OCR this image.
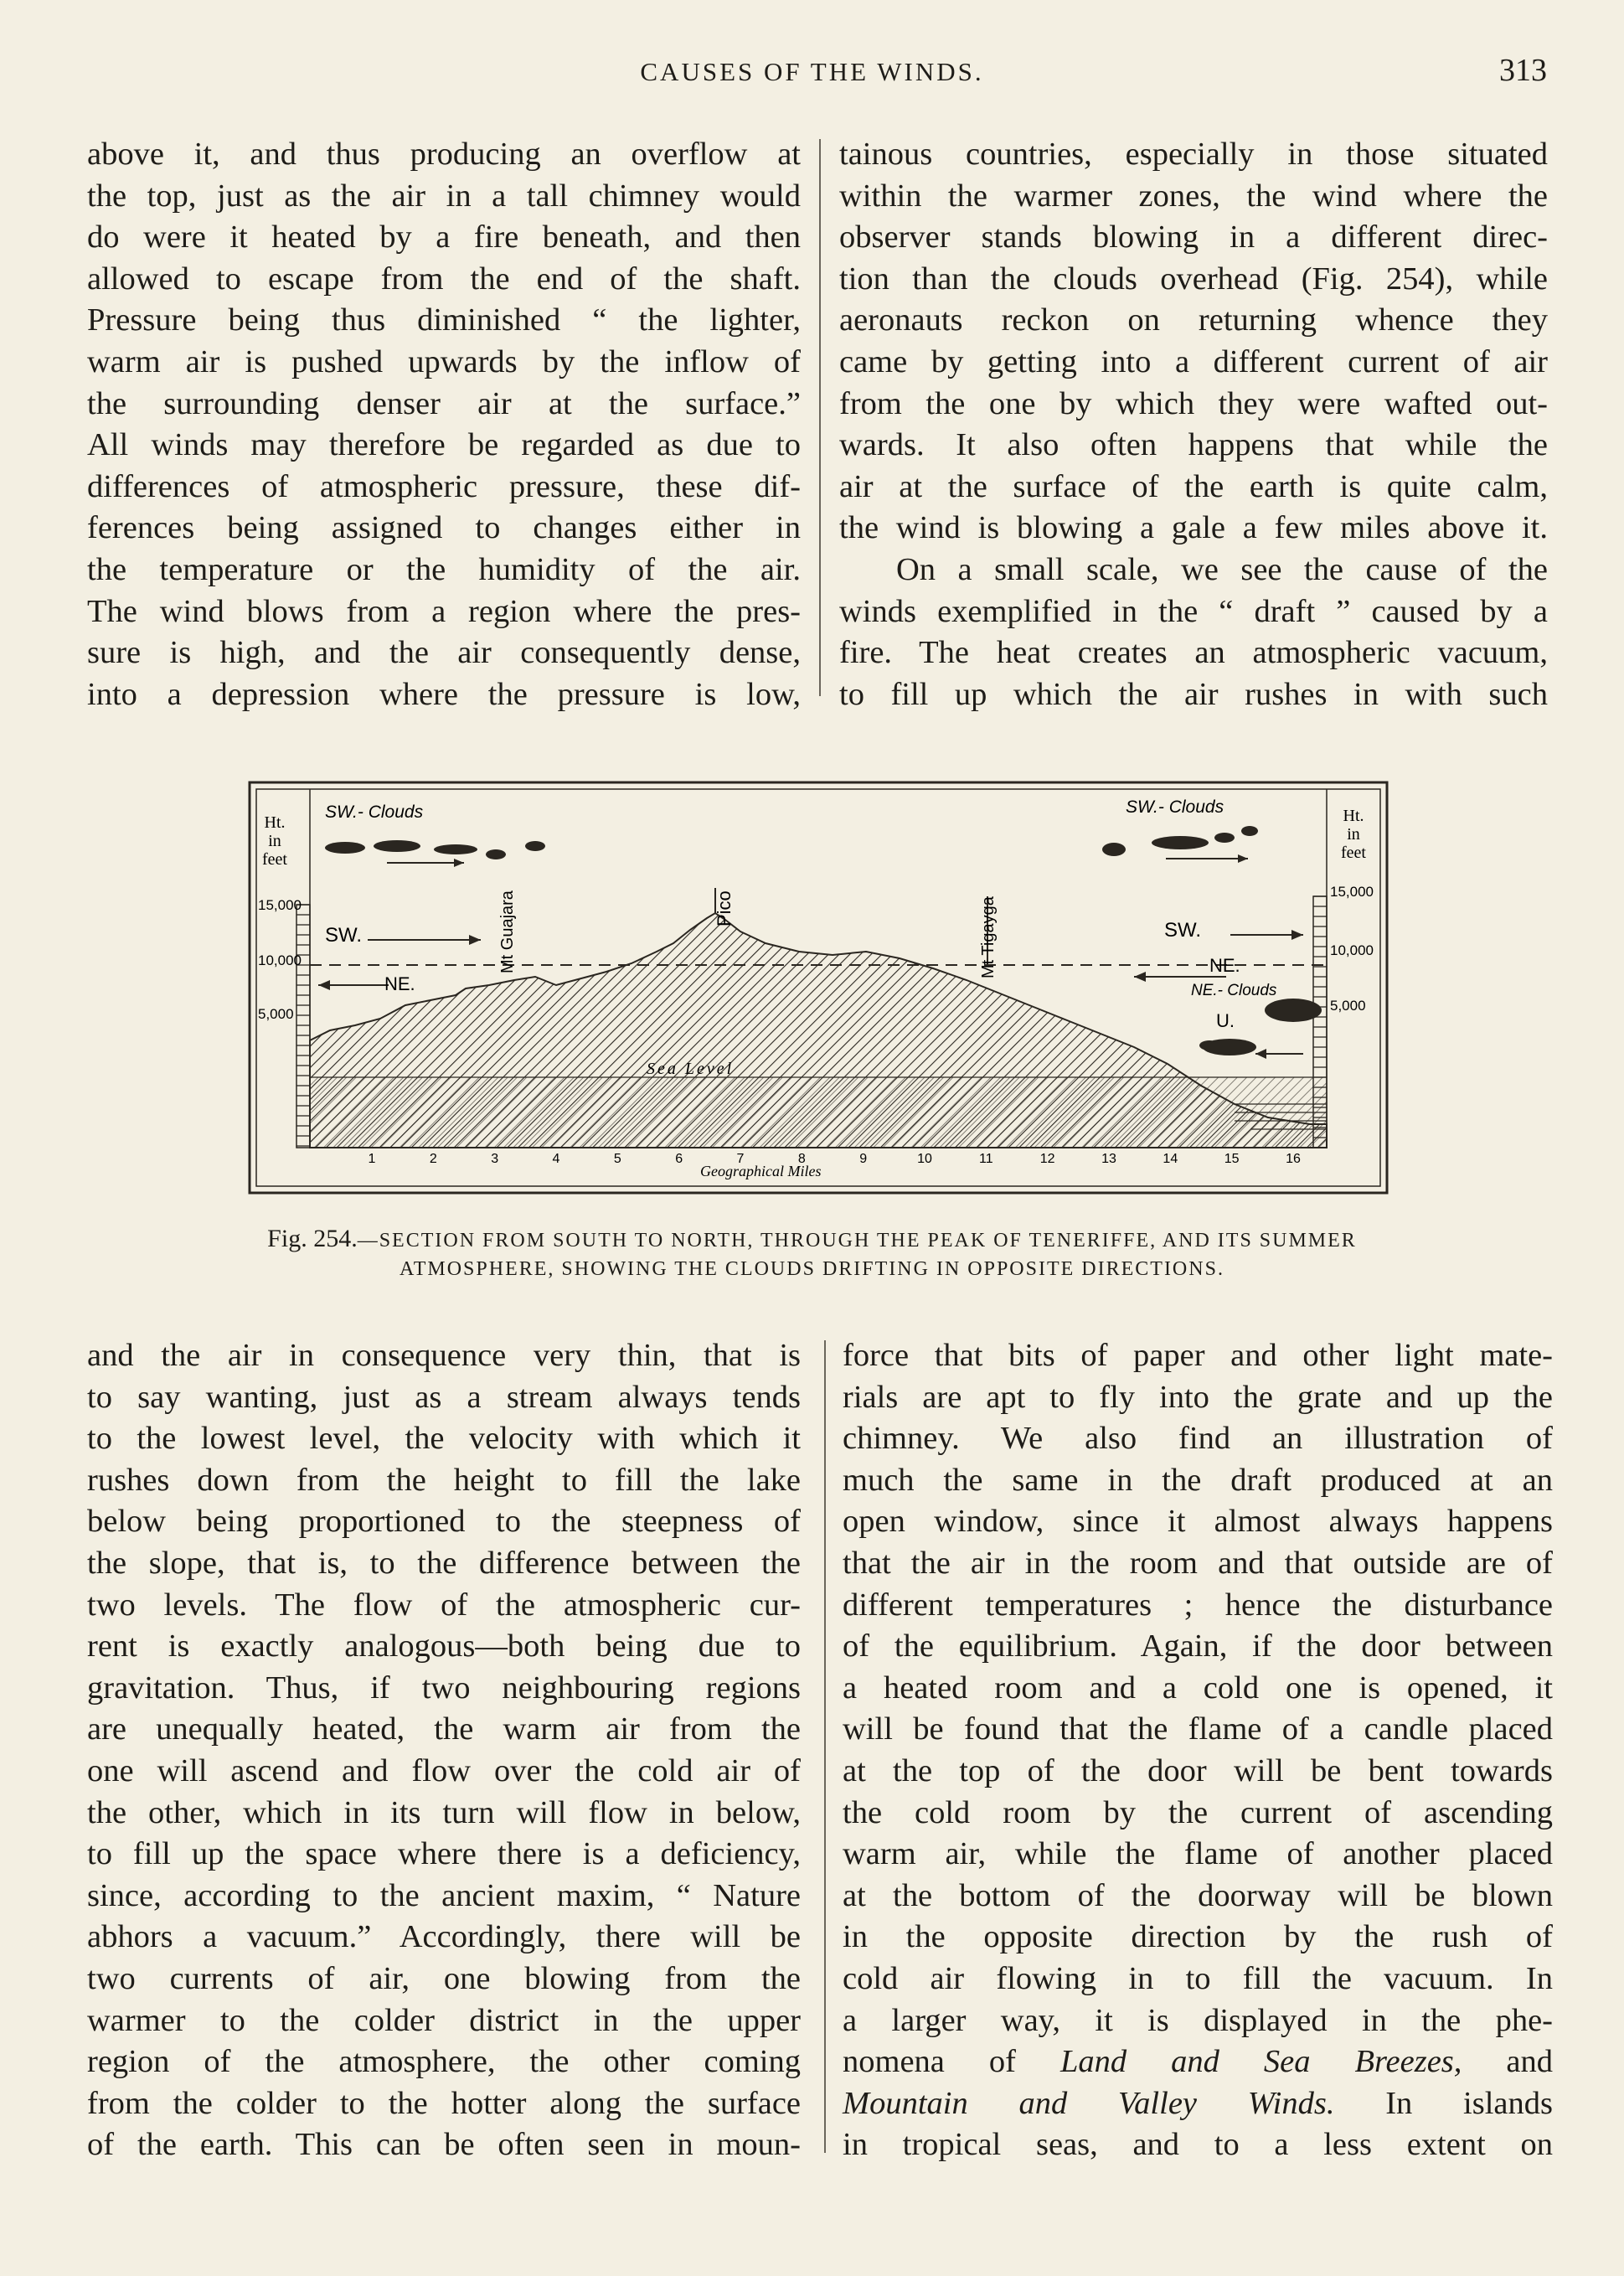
CAUSES OF THE WINDS.	313
above it, and thus producing an overflow at
the top, just as the air in a tall chimney would
do were it heated by a fire beneath, and then
allowed to escape from the end of the shaft.
Pressure being thus diminished “ the lighter,
warm air is pushed upwards by the inflow of
the surrounding denser air at the surface.”
All winds may therefore be regarded as due to
differences of atmospheric pressure, these dif-
ferences being assigned to changes either in
the temperature or the humidity of the air.
The wind blows from a region where the pres-
sure is high, and the air consequently dense,
into a depression where the pressure is low,
tainous countries, especially in those situated
within the warmer zones, the wind where the
observer stands blowing in a different direc-
tion than the clouds overhead (Fig. 254), while
aeronauts reckon on returning whence they
came by getting into a different current of air
from the one by which they were wafted out-
wards. It also often happens that while the
air at the surface of the earth is quite calm,
the wind is blowing a gale a few miles above it.
On a small scale, we see the cause of the
winds exemplified in the “ draft ” caused by a
fire. The heat creates an atmospheric vacuum,
to fill up which the air rushes in with such
Ht.
in
feet
Ht.
in
feet
15,000
10,000
5,000
15,000
10,000
5,000
SW.- Clouds	SW.- Clouds
SW.	SW.
NE.
NE.
NE.- Clouds
U.
Mt Guajara	Pico	Mt Tigayga
Sea Level
1	2	3	4	5	6	7	8	9	10	11	12	13	14	15	16
Geographical Miles
Fig. 254.—SECTION FROM SOUTH TO NORTH, THROUGH THE PEAK OF TENERIFFE, AND ITS SUMMER
ATMOSPHERE, SHOWING THE CLOUDS DRIFTING IN OPPOSITE DIRECTIONS.
and the air in consequence very thin, that is
to say wanting, just as a stream always tends
to the lowest level, the velocity with which it
rushes down from the height to fill the lake
below being proportioned to the steepness of
the slope, that is, to the difference between the
two levels. The flow of the atmospheric cur-
rent is exactly analogous—both being due to
gravitation. Thus, if two neighbouring regions
are unequally heated, the warm air from the
one will ascend and flow over the cold air of
the other, which in its turn will flow in below,
to fill up the space where there is a deficiency,
since, according to the ancient maxim, “ Nature
abhors a vacuum.” Accordingly, there will be
two currents of air, one blowing from the
warmer to the colder district in the upper
region of the atmosphere, the other coming
from the colder to the hotter along the surface
of the earth. This can be often seen in moun-
force that bits of paper and other light mate-
rials are apt to fly into the grate and up the
chimney. We also find an illustration of
much the same in the draft produced at an
open window, since it almost always happens
that the air in the room and that outside are of
different temperatures ; hence the disturbance
of the equilibrium. Again, if the door between
a heated room and a cold one is opened, it
will be found that the flame of a candle placed
at the top of the door will be bent towards
the cold room by the current of ascending
warm air, while the flame of another placed
at the bottom of the doorway will be blown
in the opposite direction by the rush of
cold air flowing in to fill the vacuum. In
a larger way, it is displayed in the phe-
nomena of Land and Sea Breezes, and
Mountain and Valley Winds. In islands
in tropical seas, and to a less extent on
